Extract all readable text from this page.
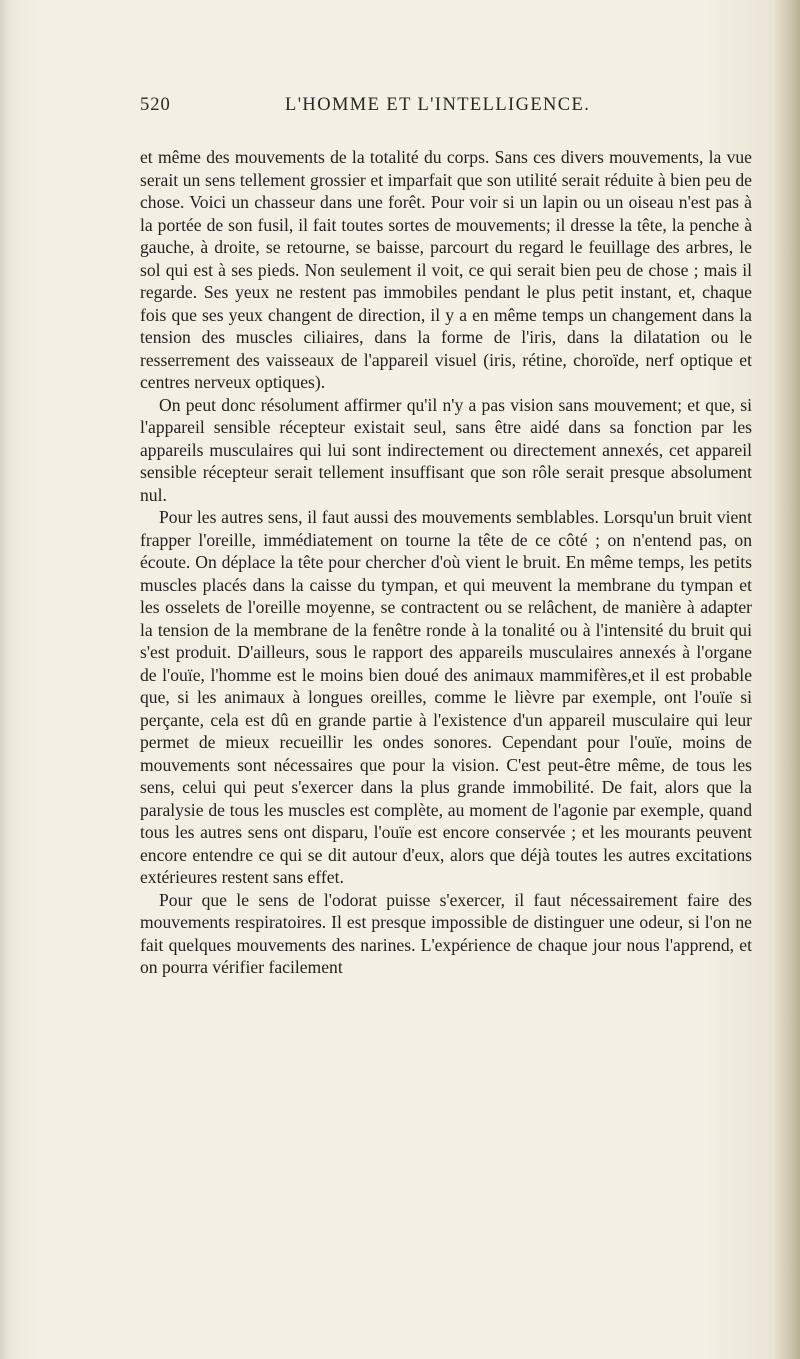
520	L'HOMME ET L'INTELLIGENCE.

et même des mouvements de la totalité du corps. Sans ces divers mouvements, la vue serait un sens tellement grossier et imparfait que son utilité serait réduite à bien peu de chose. Voici un chasseur dans une forêt. Pour voir si un lapin ou un oiseau n'est pas à la portée de son fusil, il fait toutes sortes de mouvements; il dresse la tête, la penche à gauche, à droite, se retourne, se baisse, parcourt du regard le feuillage des arbres, le sol qui est à ses pieds. Non seulement il voit, ce qui serait bien peu de chose ; mais il regarde. Ses yeux ne restent pas immobiles pendant le plus petit instant, et, chaque fois que ses yeux changent de direction, il y a en même temps un changement dans la tension des muscles ciliaires, dans la forme de l'iris, dans la dilatation ou le resserrement des vaisseaux de l'appareil visuel (iris, rétine, choroïde, nerf optique et centres nerveux optiques).

On peut donc résolument affirmer qu'il n'y a pas vision sans mouvement; et que, si l'appareil sensible récepteur existait seul, sans être aidé dans sa fonction par les appareils musculaires qui lui sont indirectement ou directement annexés, cet appareil sensible récepteur serait tellement insuffisant que son rôle serait presque absolument nul.

Pour les autres sens, il faut aussi des mouvements semblables. Lorsqu'un bruit vient frapper l'oreille, immédiatement on tourne la tête de ce côté ; on n'entend pas, on écoute. On déplace la tête pour chercher d'où vient le bruit. En même temps, les petits muscles placés dans la caisse du tympan, et qui meuvent la membrane du tympan et les osselets de l'oreille moyenne, se contractent ou se relâchent, de manière à adapter la tension de la membrane de la fenêtre ronde à la tonalité ou à l'intensité du bruit qui s'est produit. D'ailleurs, sous le rapport des appareils musculaires annexés à l'organe de l'ouïe, l'homme est le moins bien doué des animaux mammifères,et il est probable que, si les animaux à longues oreilles, comme le lièvre par exemple, ont l'ouïe si perçante, cela est dû en grande partie à l'existence d'un appareil musculaire qui leur permet de mieux recueillir les ondes sonores. Cependant pour l'ouïe, moins de mouvements sont nécessaires que pour la vision. C'est peut-être même, de tous les sens, celui qui peut s'exercer dans la plus grande immobilité. De fait, alors que la paralysie de tous les muscles est complète, au moment de l'agonie par exemple, quand tous les autres sens ont disparu, l'ouïe est encore conservée ; et les mourants peuvent encore entendre ce qui se dit autour d'eux, alors que déjà toutes les autres excitations extérieures restent sans effet.

Pour que le sens de l'odorat puisse s'exercer, il faut nécessairement faire des mouvements respiratoires. Il est presque impossible de distinguer une odeur, si l'on ne fait quelques mouvements des narines. L'expérience de chaque jour nous l'apprend, et on pourra vérifier facilement
